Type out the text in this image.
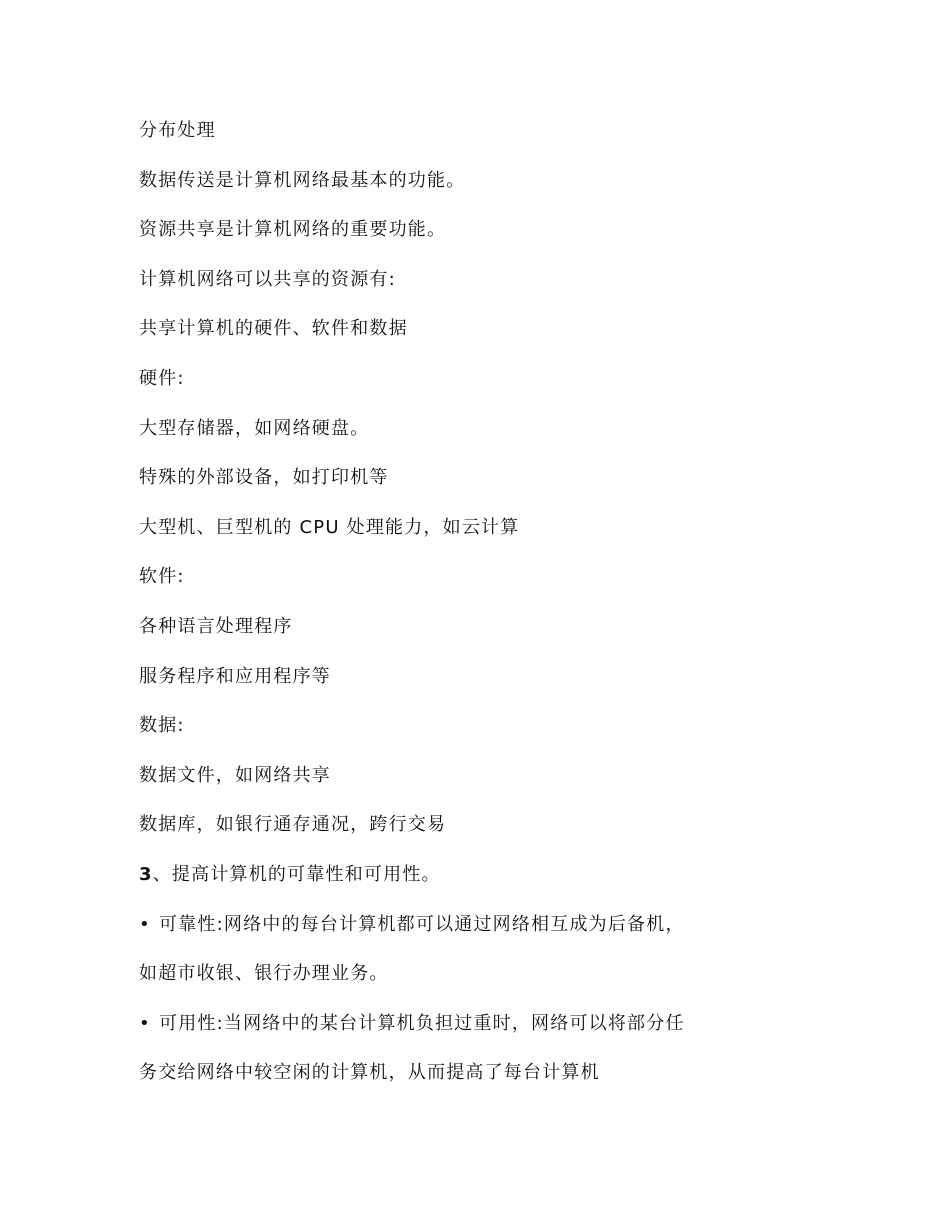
分布处理
数据传送是计算机网络最基本的功能。
资源共享是计算机网络的重要功能。
计算机网络可以共享的资源有:
共享计算机的硬件、软件和数据
硬件:
大型存储器，如网络硬盘。
特殊的外部设备，如打印机等
大型机、巨型机的 CPU 处理能力，如云计算
软件:
各种语言处理程序
服务程序和应用程序等
数据:
数据文件，如网络共享
数据库，如银行通存通况，跨行交易
3、提高计算机的可靠性和可用性。
• 可靠性:网络中的每台计算机都可以通过网络相互成为后备机，
如超市收银、银行办理业务。
• 可用性:当网络中的某台计算机负担过重时，网络可以将部分任
务交给网络中较空闲的计算机，从而提高了每台计算机
